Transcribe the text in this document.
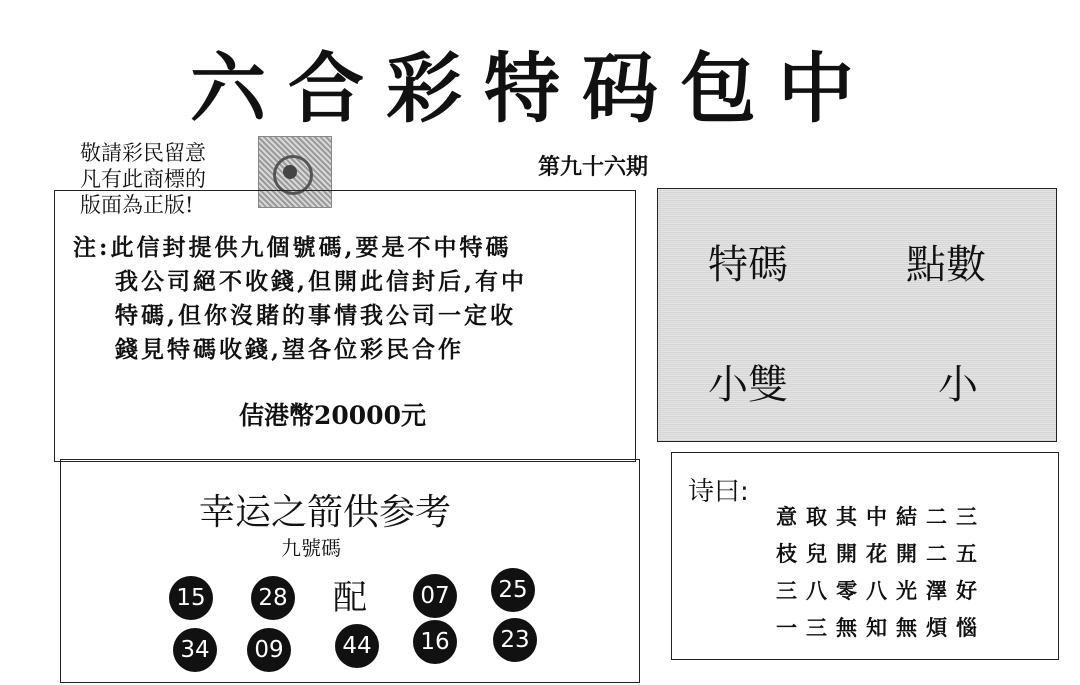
六合彩特码包中
敬請彩民留意
凡有此商標的
版面為正版!
第九十六期
注:此信封提供九個號碼,要是不中特碼
我公司絕不收錢,但開此信封后,有中
特碼,但你沒賭的事情我公司一定收
錢見特碼收錢,望各位彩民合作
佶港幣20000元
特碼	點數
小雙	小
幸运之箭供参考
九號碼
15	28 配	07	25
34	09	44	16	23
诗曰:
意取其中結二三
枝兒開花開二五
三八零八光澤好
一三無知無煩惱
